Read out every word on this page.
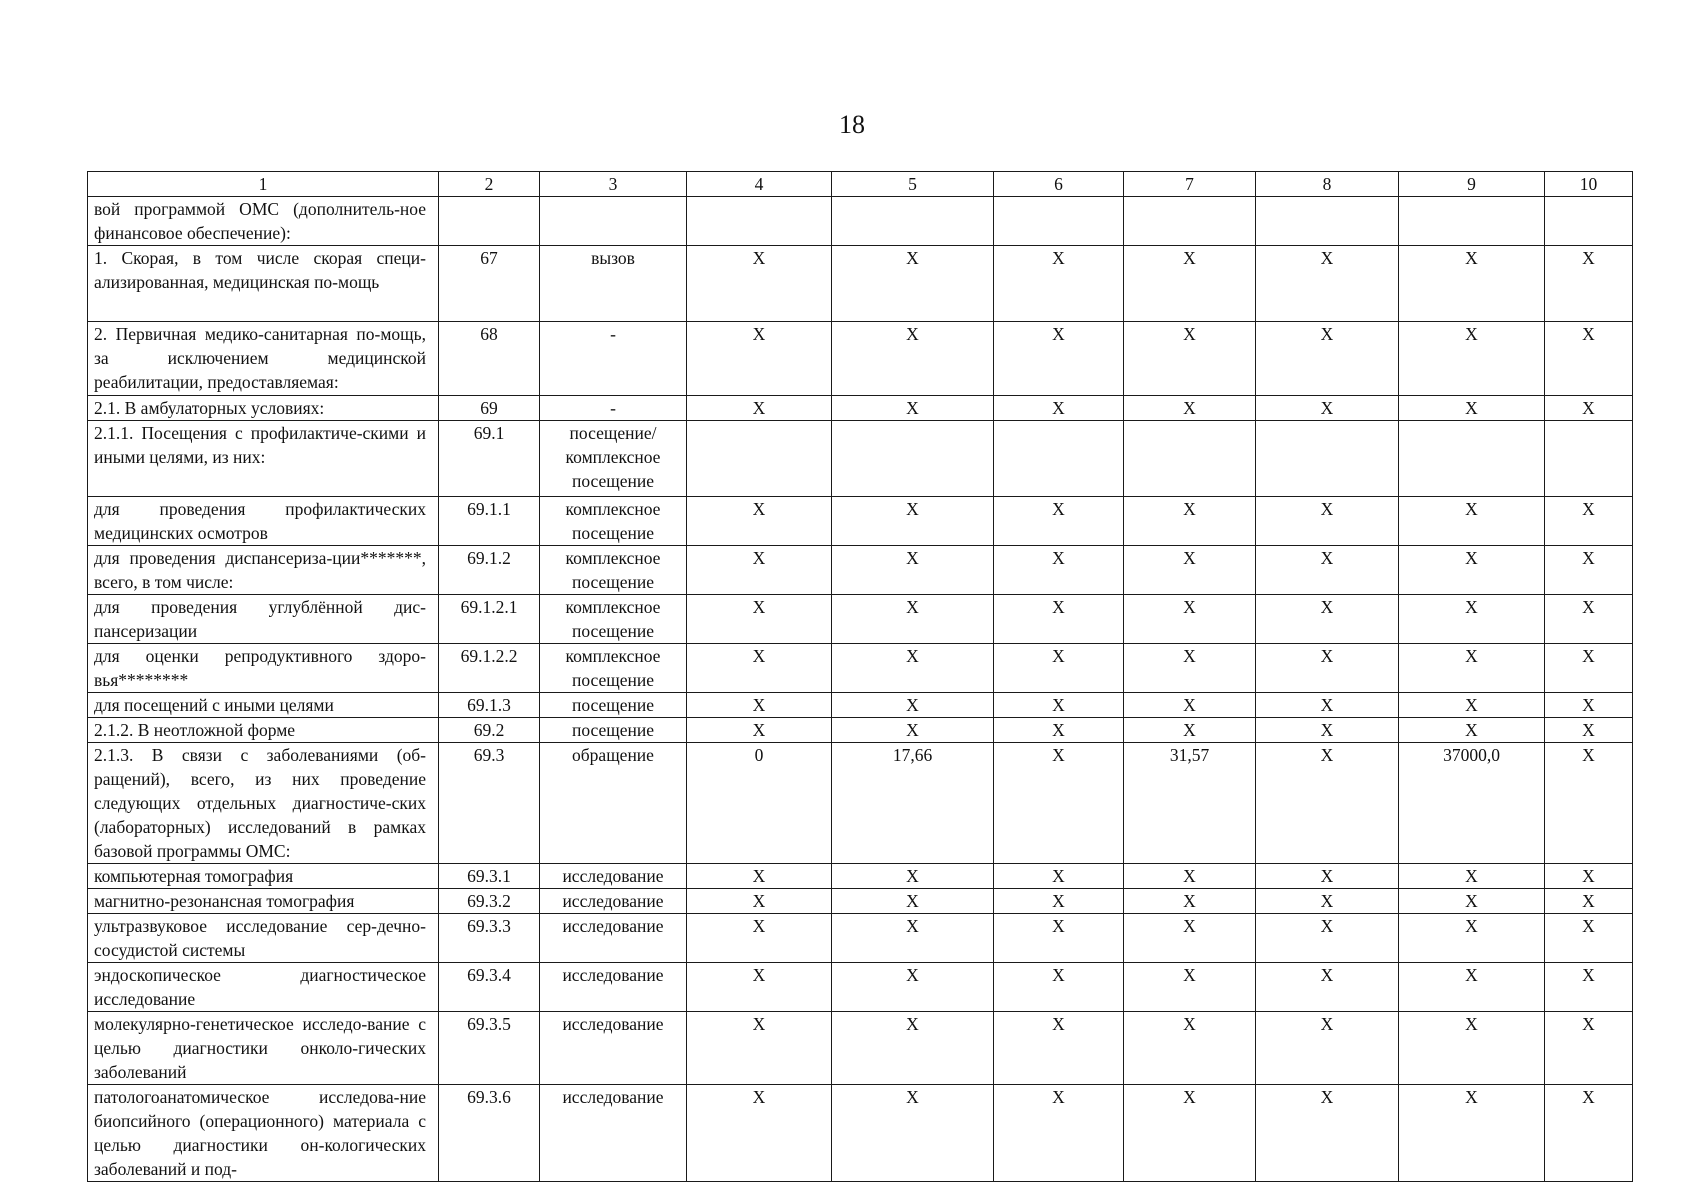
18
1	2	3	4	5	6	7	8	9	10
вой программой ОМС (дополнитель-ное финансовое обеспечение):									
1. Скорая, в том числе скорая специ-ализированная, медицинская по-мощь	67	вызов	Х	Х	Х	Х	Х	Х	Х
2. Первичная медико-санитарная по-мощь, за исключением медицинской реабилитации, предоставляемая:	68	-	Х	Х	Х	Х	Х	Х	Х
2.1. В амбулаторных условиях:	69	-	Х	Х	Х	Х	Х	Х	Х
2.1.1. Посещения с профилактиче-скими и иными целями, из них:	69.1	посещение/ комплексное посещение							
для проведения профилактических медицинских осмотров	69.1.1	комплексное посещение	Х	Х	Х	Х	Х	Х	Х
для проведения диспансериза-ции*******, всего, в том числе:	69.1.2	комплексное посещение	Х	Х	Х	Х	Х	Х	Х
для проведения углублённой дис-пансеризации	69.1.2.1	комплексное посещение	Х	Х	Х	Х	Х	Х	Х
для оценки репродуктивного здоро-вья********	69.1.2.2	комплексное посещение	Х	Х	Х	Х	Х	Х	Х
для посещений с иными целями	69.1.3	посещение	Х	Х	Х	Х	Х	Х	Х
2.1.2. В неотложной форме	69.2	посещение	Х	Х	Х	Х	Х	Х	Х
2.1.3. В связи с заболеваниями (об-ращений), всего, из них проведение следующих отдельных диагностиче-ских (лабораторных) исследований в рамках базовой программы ОМС:	69.3	обращение	0	17,66	Х	31,57	Х	37000,0	Х
компьютерная томография	69.3.1	исследование	Х	Х	Х	Х	Х	Х	Х
магнитно-резонансная томография	69.3.2	исследование	Х	Х	Х	Х	Х	Х	Х
ультразвуковое исследование сер-дечно-сосудистой системы	69.3.3	исследование	Х	Х	Х	Х	Х	Х	Х
эндоскопическое диагностическое исследование	69.3.4	исследование	Х	Х	Х	Х	Х	Х	Х
молекулярно-генетическое исследо-вание с целью диагностики онколо-гических заболеваний	69.3.5	исследование	Х	Х	Х	Х	Х	Х	Х
патологоанатомическое исследова-ние биопсийного (операционного) материала с целью диагностики он-кологических заболеваний и под-	69.3.6	исследование	Х	Х	Х	Х	Х	Х	Х
